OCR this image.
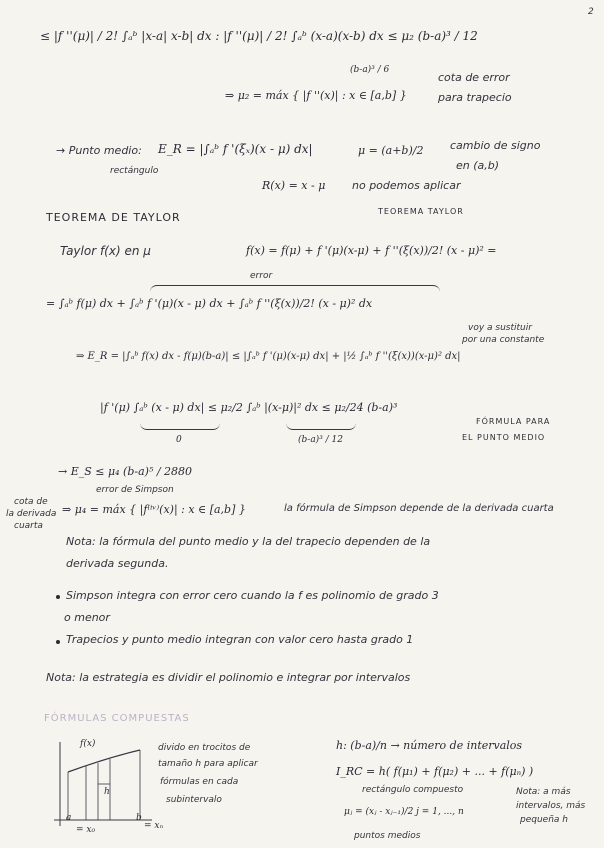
2
≤ |f ''(μ)| / 2! ∫ₐᵇ |x-a| x-b| dx : |f ''(μ)| / 2! ∫ₐᵇ (x-a)(x-b) dx ≤ μ₂ (b-a)³ / 12
(b-a)³ / 6
⇒ μ₂ = máx { |f ''(x)| : x ∈ [a,b] }
cota de error
para trapecio
→ Punto medio:
rectángulo
E_R = |∫ₐᵇ f '(ξₓ)(x - μ) dx|	μ = (a+b)/2 cambio de signo
en (a,b)
R(x) = x - μ no podemos aplicar
TEOREMA TAYLOR
TEOREMA DE TAYLOR
Taylor f(x) en μ	f(x) = f(μ) + f '(μ)(x-μ) + f ''(ξ(x))/2! (x - μ)² =
error
= ∫ₐᵇ f(μ) dx + ∫ₐᵇ f '(μ)(x - μ) dx + ∫ₐᵇ f ''(ξ(x))/2! (x - μ)² dx
voy a sustituir
por una constante
⇒ E_R = |∫ₐᵇ f(x) dx - f(μ)(b-a)| ≤ |∫ₐᵇ f '(μ)(x-μ) dx| + |½ ∫ₐᵇ f ''(ξ(x))(x-μ)² dx|
|f '(μ) ∫ₐᵇ (x - μ) dx| ≤ μ₂/2 ∫ₐᵇ |(x-μ)|² dx ≤ μ₂/24 (b-a)³
0	(b-a)³ / 12
FÓRMULA PARA
EL PUNTO MEDIO
→ E_S ≤ μ₄ (b-a)⁵ / 2880
error de Simpson
cota de
la derivada
cuarta
⇒ μ₄ = máx { |f⁽ⁱᵛ⁾(x)| : x ∈ [a,b] }	la fórmula de Simpson depende de la derivada cuarta
Nota: la fórmula del punto medio y la del trapecio dependen de la
derivada segunda.
Simpson integra con error cero cuando la f es polinomio de grado 3
o menor
Trapecios y punto medio integran con valor cero hasta grado 1
Nota: la estrategia es dividir el polinomio e integrar por intervalos
FÓRMULAS COMPUESTAS
f(x)
h
a
= x₀
b
= xₙ
divido en trocitos de
tamaño h para aplicar
fórmulas en cada
subintervalo
h: (b-a)/n → número de intervalos
I_RC = h( f(μ₁) + f(μ₂) + ... + f(μₙ) )
rectángulo compuesto
μⱼ = (xⱼ - xⱼ₋₁)/2 j = 1, ..., n
puntos medios
Nota: a más
intervalos, más
pequeña h
